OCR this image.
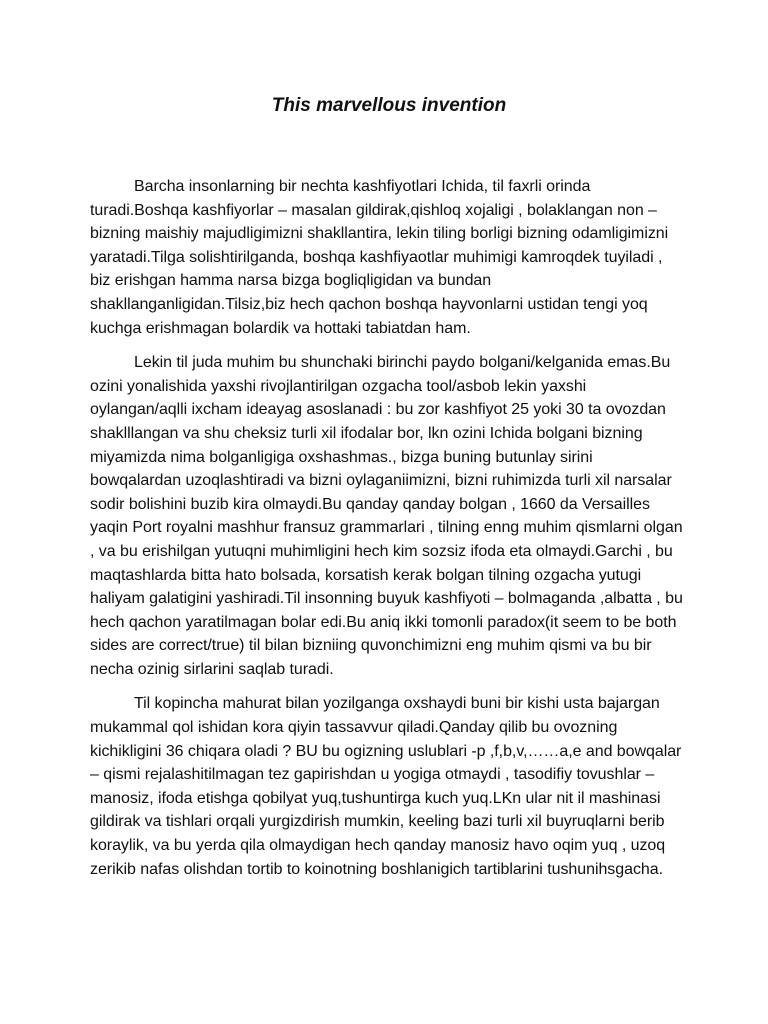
This marvellous invention

Barcha insonlarning bir nechta kashfiyotlari Ichida, til faxrli orinda turadi.Boshqa kashfiyorlar – masalan gildirak,qishloq xojaligi , bolaklangan non – bizning maishiy majudligimizni shakllantira, lekin tiling borligi bizning odamligimizni yaratadi.Tilga solishtirilganda, boshqa kashfiyaotlar muhimigi kamroqdek tuyiladi , biz erishgan hamma narsa bizga bogliqligidan va bundan shakllanganligidan.Tilsiz,biz hech qachon boshqa hayvonlarni ustidan tengi yoq kuchga erishmagan bolardik va hottaki tabiatdan ham.

Lekin til juda muhim bu shunchaki birinchi paydo bolgani/kelganida emas.Bu ozini yonalishida yaxshi rivojlantirilgan ozgacha tool/asbob lekin yaxshi oylangan/aqlli ixcham ideayag asoslanadi : bu zor kashfiyot 25 yoki 30 ta ovozdan shaklllangan va shu cheksiz turli xil ifodalar bor, lkn ozini Ichida bolgani bizning miyamizda nima bolganligiga oxshashmas., bizga buning butunlay sirini bowqalardan uzoqlashtiradi va bizni oylaganiimizni, bizni ruhimizda turli xil narsalar sodir bolishini buzib kira olmaydi.Bu qanday qanday bolgan , 1660 da Versailles yaqin Port royalni mashhur fransuz grammarlari , tilning enng muhim qismlarni olgan , va bu erishilgan yutuqni muhimligini hech kim sozsiz ifoda eta olmaydi.Garchi , bu maqtashlarda bitta hato bolsada, korsatish kerak bolgan tilning ozgacha yutugi haliyam galatigini yashiradi.Til insonning buyuk kashfiyoti – bolmaganda ,albatta , bu hech qachon yaratilmagan bolar edi.Bu aniq ikki tomonli paradox(it seem to be both sides are correct/true) til bilan bizniing quvonchimizni eng muhim qismi va bu bir necha ozinig sirlarini saqlab turadi.

Til kopincha mahurat bilan yozilganga oxshaydi buni bir kishi usta bajargan mukammal qol ishidan kora qiyin tassavvur qiladi.Qanday qilib bu ovozning kichikligini 36 chiqara oladi ? BU bu ogizning uslublari -p ,f,b,v,……a,e and bowqalar – qismi rejalashitilmagan tez gapirishdan u yogiga otmaydi , tasodifiy tovushlar – manosiz, ifoda etishga qobilyat yuq,tushuntirga kuch yuq.LKn ular nit il mashinasi gildirak va tishlari orqali yurgizdirish mumkin, keeling bazi turli xil buyruqlarni berib koraylik, va bu yerda qila olmaydigan hech qanday manosiz havo oqim yuq , uzoq zerikib nafas olishdan tortib to koinotning boshlanigich tartiblarini tushunihsgacha.
